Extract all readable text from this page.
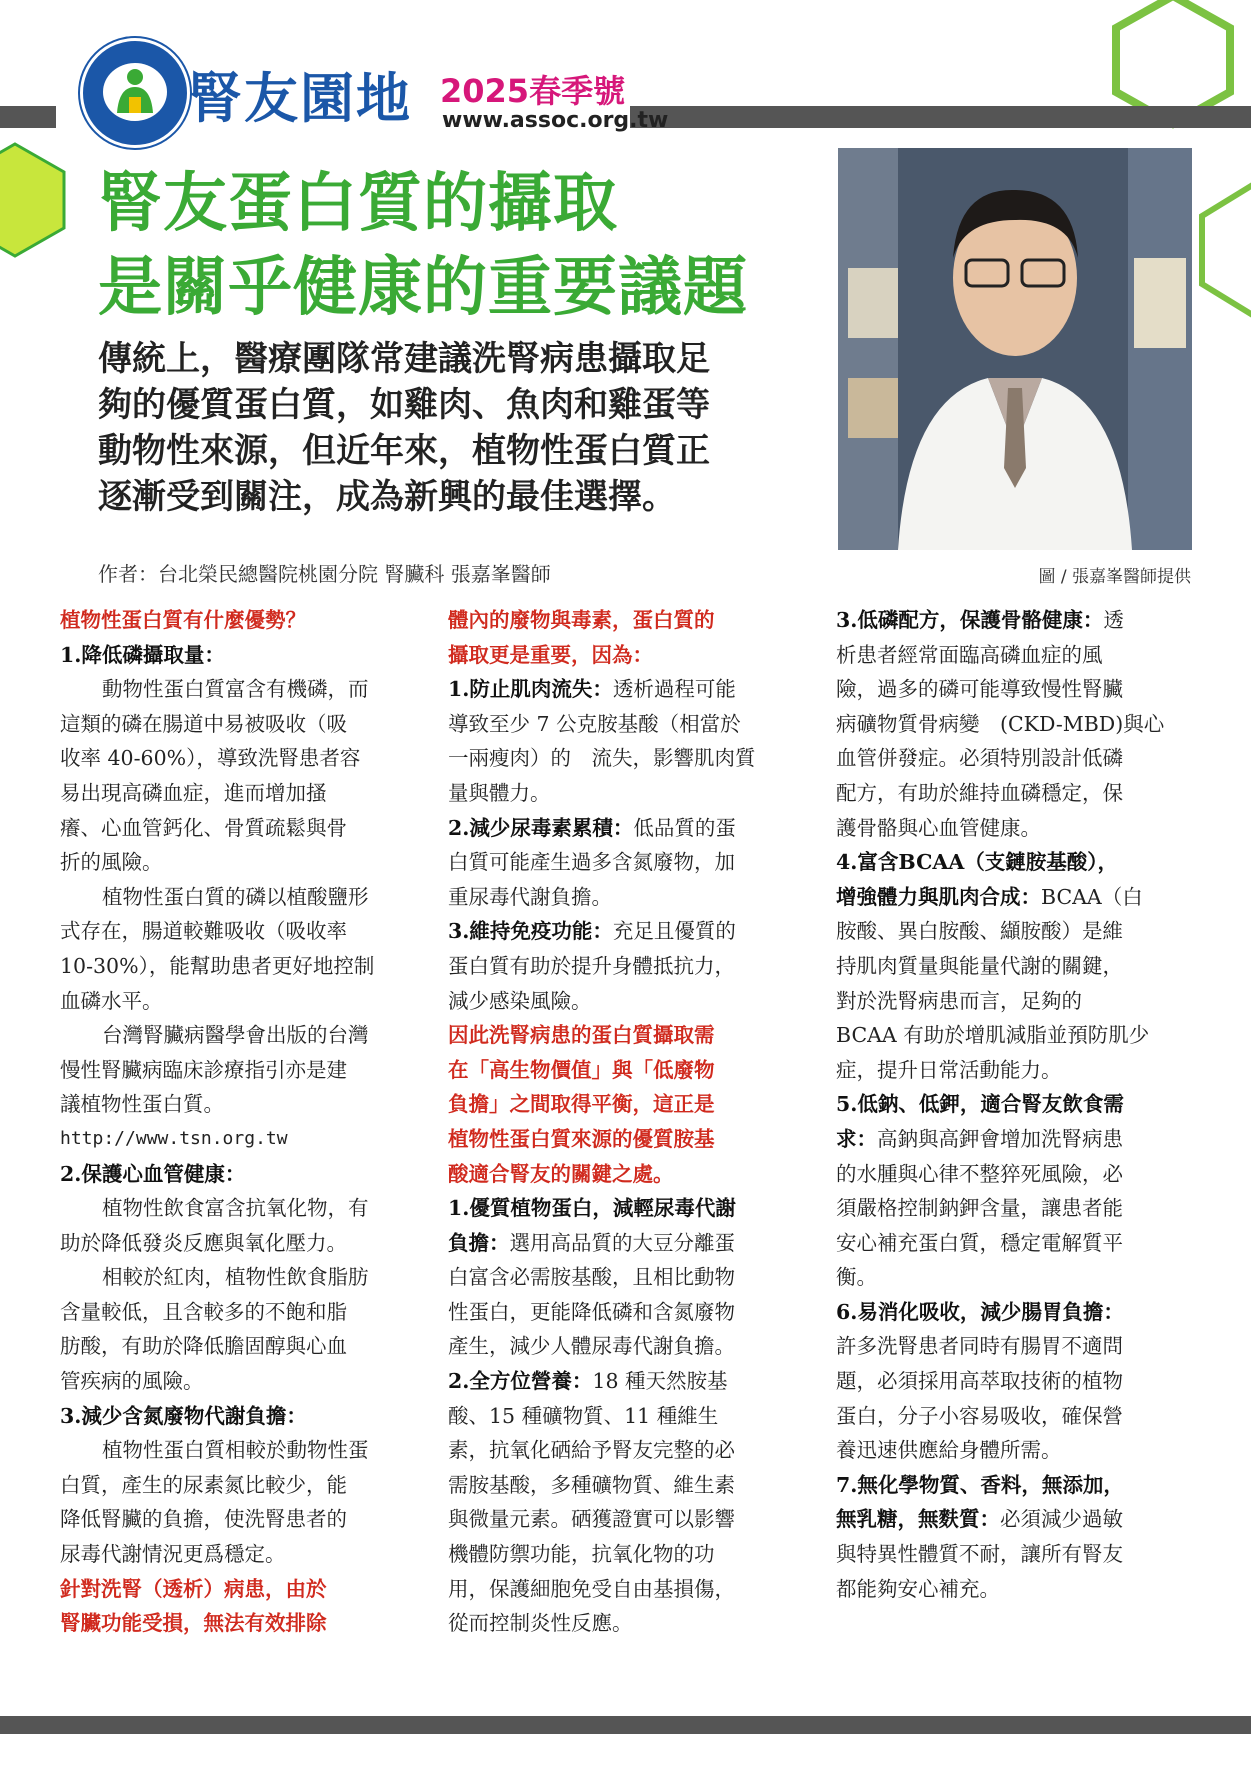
腎友園地 2025春季號
www.assoc.org.tw
腎友蛋白質的攝取
是關乎健康的重要議題
傳統上，醫療團隊常建議洗腎病患攝取足
夠的優質蛋白質，如雞肉、魚肉和雞蛋等
動物性來源，但近年來，植物性蛋白質正
逐漸受到關注，成為新興的最佳選擇。
作者：台北榮民總醫院桃園分院 腎臟科 張嘉峯醫師	圖 / 張嘉峯醫師提供
植物性蛋白質有什麼優勢？
1.降低磷攝取量：
動物性蛋白質富含有機磷，而
這類的磷在腸道中易被吸收（吸
收率 40-60%），導致洗腎患者容
易出現高磷血症，進而增加搔
癢、心血管鈣化、骨質疏鬆與骨
折的風險。
植物性蛋白質的磷以植酸鹽形
式存在，腸道較難吸收（吸收率
10-30%），能幫助患者更好地控制
血磷水平。
台灣腎臟病醫學會出版的台灣
慢性腎臟病臨床診療指引亦是建
議植物性蛋白質。
http://www.tsn.org.tw
2.保護心血管健康：
植物性飲食富含抗氧化物，有
助於降低發炎反應與氧化壓力。
相較於紅肉，植物性飲食脂肪
含量較低，且含較多的不飽和脂
肪酸，有助於降低膽固醇與心血
管疾病的風險。
3.減少含氮廢物代謝負擔：
植物性蛋白質相較於動物性蛋
白質，產生的尿素氮比較少，能
降低腎臟的負擔，使洗腎患者的
尿毒代謝情況更爲穩定。
針對洗腎（透析）病患，由於
腎臟功能受損，無法有效排除
體內的廢物與毒素，蛋白質的
攝取更是重要，因為：
1.防止肌肉流失：透析過程可能
導致至少 7 公克胺基酸（相當於
一兩瘦肉）的　流失，影響肌肉質
量與體力。
2.減少尿毒素累積：低品質的蛋
白質可能產生過多含氮廢物，加
重尿毒代謝負擔。
3.維持免疫功能：充足且優質的
蛋白質有助於提升身體抵抗力，
減少感染風險。
因此洗腎病患的蛋白質攝取需
在「高生物價值」與「低廢物
負擔」之間取得平衡，這正是
植物性蛋白質來源的優質胺基
酸適合腎友的關鍵之處。
1.優質植物蛋白，減輕尿毒代謝
負擔：選用高品質的大豆分離蛋
白富含必需胺基酸，且相比動物
性蛋白，更能降低磷和含氮廢物
產生，減少人體尿毒代謝負擔。
2.全方位營養：18 種天然胺基
酸、15 種礦物質、11 種維生
素，抗氧化硒給予腎友完整的必
需胺基酸，多種礦物質、維生素
與微量元素。硒獲證實可以影響
機體防禦功能，抗氧化物的功
用，保護細胞免受自由基損傷，
從而控制炎性反應。
3.低磷配方，保護骨骼健康：透
析患者經常面臨高磷血症的風
險，過多的磷可能導致慢性腎臟
病礦物質骨病變　(CKD-MBD)與心
血管併發症。必須特別設計低磷
配方，有助於維持血磷穩定，保
護骨骼與心血管健康。
4.富含BCAA（支鏈胺基酸），
增強體力與肌肉合成：BCAA（白
胺酸、異白胺酸、纈胺酸）是維
持肌肉質量與能量代謝的關鍵，
對於洗腎病患而言，足夠的
BCAA 有助於增肌減脂並預防肌少
症，提升日常活動能力。
5.低鈉、低鉀，適合腎友飲食需
求：高鈉與高鉀會增加洗腎病患
的水腫與心律不整猝死風險，必
須嚴格控制鈉鉀含量，讓患者能
安心補充蛋白質，穩定電解質平
衡。
6.易消化吸收，減少腸胃負擔：
許多洗腎患者同時有腸胃不適問
題，必須採用高萃取技術的植物
蛋白，分子小容易吸收，確保營
養迅速供應給身體所需。
7.無化學物質、香料，無添加，
無乳糖，無麩質：必須減少過敏
與特異性體質不耐，讓所有腎友
都能夠安心補充。
